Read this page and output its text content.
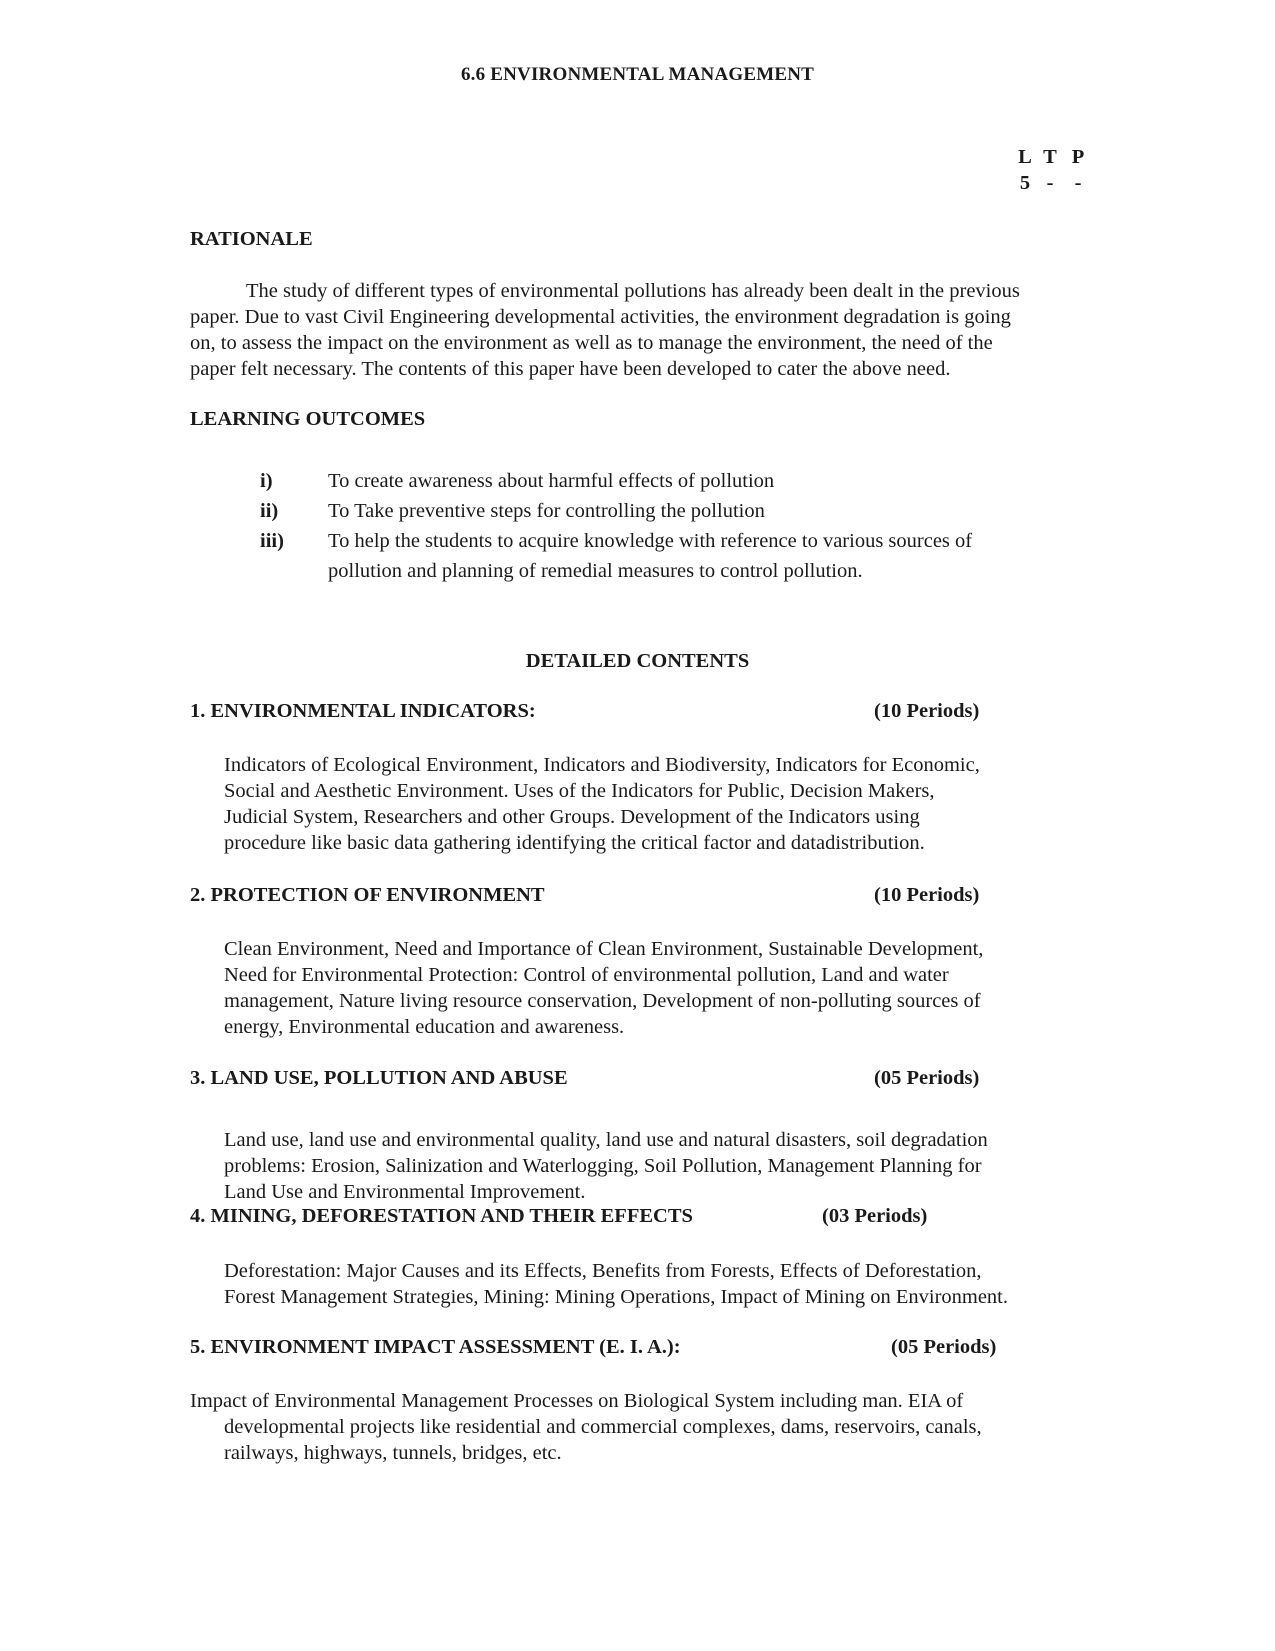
6.6 ENVIRONMENTAL MANAGEMENT
L T P
5 -	-
RATIONALE
The study of different types of environmental pollutions has already been dealt in the previous
paper. Due to vast Civil Engineering developmental activities, the environment degradation is going
on, to assess the impact on the environment as well as to manage the environment, the need of the
paper felt necessary. The contents of this paper have been developed to cater the above need.
LEARNING OUTCOMES
i)	To create awareness about harmful effects of pollution
ii) To Take preventive steps for controlling the pollution
iii) To help the students to acquire knowledge with reference to various sources of
pollution and planning of remedial measures to control pollution.
DETAILED CONTENTS
1. ENVIRONMENTAL INDICATORS:	(10 Periods)
Indicators of Ecological Environment, Indicators and Biodiversity, Indicators for Economic,
Social and Aesthetic Environment. Uses of the Indicators for Public, Decision Makers,
Judicial System, Researchers and other Groups. Development of the Indicators using
procedure like basic data gathering identifying the critical factor and datadistribution.
2. PROTECTION OF ENVIRONMENT	(10 Periods)
Clean Environment, Need and Importance of Clean Environment, Sustainable Development,
Need for Environmental Protection: Control of environmental pollution, Land and water
management, Nature living resource conservation, Development of non-polluting sources of
energy, Environmental education and awareness.
3. LAND USE, POLLUTION AND ABUSE	(05 Periods)
Land use, land use and environmental quality, land use and natural disasters, soil degradation
problems: Erosion, Salinization and Waterlogging, Soil Pollution, Management Planning for
Land Use and Environmental Improvement.
4. MINING, DEFORESTATION AND THEIR EFFECTS	(03 Periods)
Deforestation: Major Causes and its Effects, Benefits from Forests, Effects of Deforestation,
Forest Management Strategies, Mining: Mining Operations, Impact of Mining on Environment.
5. ENVIRONMENT IMPACT ASSESSMENT (E. I. A.):	(05 Periods)
Impact of Environmental Management Processes on Biological System including man. EIA of
developmental projects like residential and commercial complexes, dams, reservoirs, canals,
railways, highways, tunnels, bridges, etc.
